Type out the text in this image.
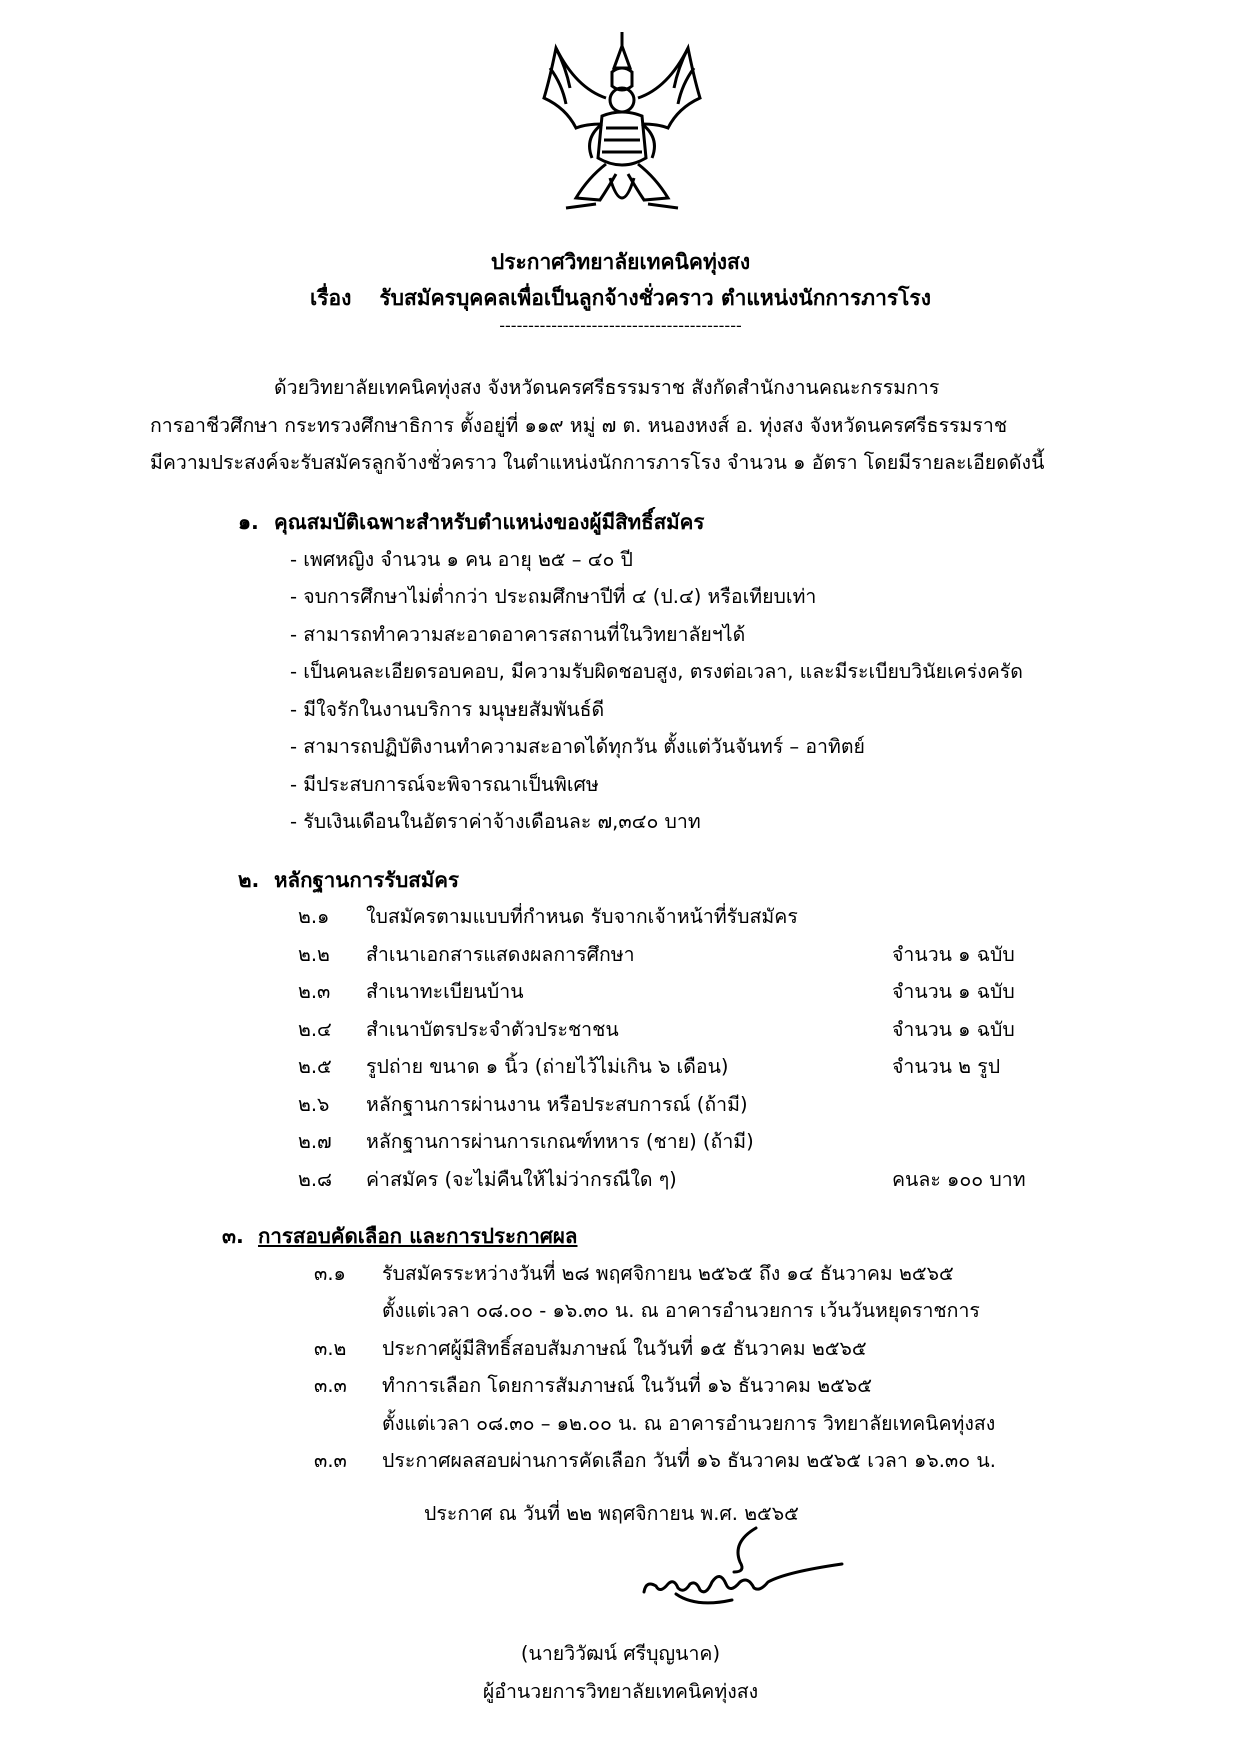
ประกาศวิทยาลัยเทคนิคทุ่งสง
เรื่อง รับสมัครบุคคลเพื่อเป็นลูกจ้างชั่วคราว ตำแหน่งนักการภารโรง
------------------------------------------
ด้วยวิทยาลัยเทคนิคทุ่งสง จังหวัดนครศรีธรรมราช สังกัดสำนักงานคณะกรรมการ
การอาชีวศึกษา กระทรวงศึกษาธิการ ตั้งอยู่ที่ ๑๑๙ หมู่ ๗ ต. หนองหงส์ อ. ทุ่งสง จังหวัดนครศรีธรรมราช
มีความประสงค์จะรับสมัครลูกจ้างชั่วคราว ในตำแหน่งนักการภารโรง จำนวน ๑ อัตรา โดยมีรายละเอียดดังนี้
๑. คุณสมบัติเฉพาะสำหรับตำแหน่งของผู้มีสิทธิ์สมัคร
- เพศหญิง จำนวน ๑ คน อายุ ๒๕ – ๔๐ ปี
- จบการศึกษาไม่ต่ำกว่า ประถมศึกษาปีที่ ๔ (ป.๔) หรือเทียบเท่า
- สามารถทำความสะอาดอาคารสถานที่ในวิทยาลัยฯได้
- เป็นคนละเอียดรอบคอบ, มีความรับผิดชอบสูง, ตรงต่อเวลา, และมีระเบียบวินัยเคร่งครัด
- มีใจรักในงานบริการ มนุษยสัมพันธ์ดี
- สามารถปฏิบัติงานทำความสะอาดได้ทุกวัน ตั้งแต่วันจันทร์ – อาทิตย์
- มีประสบการณ์จะพิจารณาเป็นพิเศษ
- รับเงินเดือนในอัตราค่าจ้างเดือนละ ๗,๓๔๐ บาท
๒. หลักฐานการรับสมัคร
๒.๑ ใบสมัครตามแบบที่กำหนด รับจากเจ้าหน้าที่รับสมัคร
๒.๒ สำเนาเอกสารแสดงผลการศึกษา	จำนวน ๑ ฉบับ
๒.๓ สำเนาทะเบียนบ้าน	จำนวน ๑ ฉบับ
๒.๔ สำเนาบัตรประจำตัวประชาชน	จำนวน ๑ ฉบับ
๒.๕ รูปถ่าย ขนาด ๑ นิ้ว (ถ่ายไว้ไม่เกิน ๖ เดือน)	จำนวน ๒ รูป
๒.๖ หลักฐานการผ่านงาน หรือประสบการณ์ (ถ้ามี)
๒.๗ หลักฐานการผ่านการเกณฑ์ทหาร (ชาย) (ถ้ามี)
๒.๘ ค่าสมัคร (จะไม่คืนให้ไม่ว่ากรณีใด ๆ)	คนละ ๑๐๐ บาท
๓. การสอบคัดเลือก และการประกาศผล
๓.๑ รับสมัครระหว่างวันที่ ๒๘ พฤศจิกายน ๒๕๖๕ ถึง ๑๔ ธันวาคม ๒๕๖๕
ตั้งแต่เวลา ๐๘.๐๐ - ๑๖.๓๐ น. ณ อาคารอำนวยการ เว้นวันหยุดราชการ
๓.๒ ประกาศผู้มีสิทธิ์สอบสัมภาษณ์ ในวันที่ ๑๕ ธันวาคม ๒๕๖๕
๓.๓ ทำการเลือก โดยการสัมภาษณ์ ในวันที่ ๑๖ ธันวาคม ๒๕๖๕
ตั้งแต่เวลา ๐๘.๓๐ – ๑๒.๐๐ น. ณ อาคารอำนวยการ วิทยาลัยเทคนิคทุ่งสง
๓.๓ ประกาศผลสอบผ่านการคัดเลือก วันที่ ๑๖ ธันวาคม ๒๕๖๕ เวลา ๑๖.๓๐ น.
ประกาศ ณ วันที่ ๒๒ พฤศจิกายน พ.ศ. ๒๕๖๕
(นายวิวัฒน์ ศรีบุญนาค)
ผู้อำนวยการวิทยาลัยเทคนิคทุ่งสง
